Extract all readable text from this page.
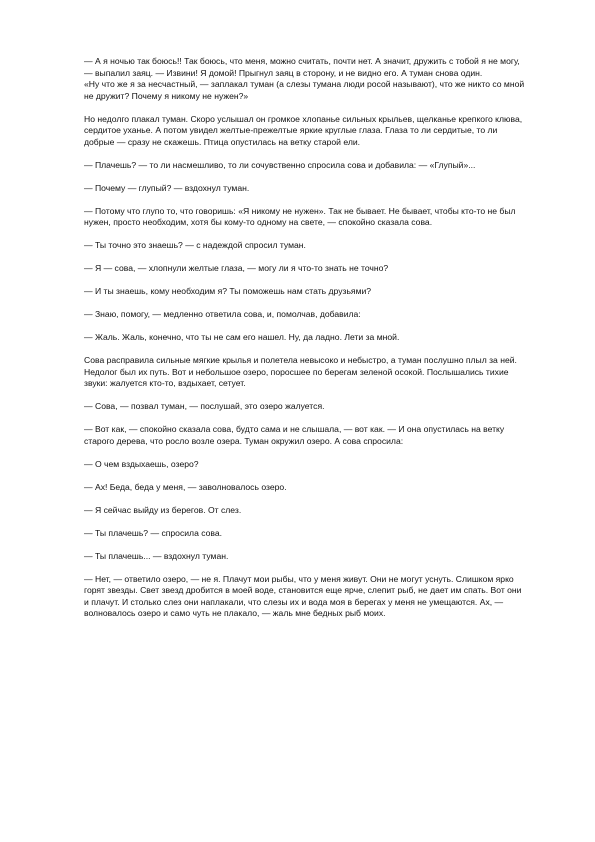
— А я ночью так боюсь!! Так боюсь, что меня, можно считать, почти нет. А значит, дружить с тобой я не могу, — выпалил заяц. — Извини! Я домой! Прыгнул заяц в сторону, и не видно его. А туман снова один.

«Ну что же я за несчастный, — заплакал туман (а слезы тумана люди росой называют), что же никто со мной не дружит? Почему я никому не нужен?»

Но недолго плакал туман. Скоро услышал он громкое хлопанье сильных крыльев, щелканье крепкого клюва, сердитое уханье. А потом увидел желтые-прежелтые яркие круглые глаза. Глаза то ли сердитые, то ли добрые — сразу не скажешь. Птица опустилась на ветку старой ели.

— Плачешь? — то ли насмешливо, то ли сочувственно спросила сова и добавила: — «Глупый»...

— Почему — глупый? — вздохнул туман.

— Потому что глупо то, что говоришь: «Я никому не нужен». Так не бывает. Не бывает, чтобы кто-то не был нужен, просто необходим, хотя бы кому-то одному на свете, — спокойно сказала сова.

— Ты точно это знаешь? — с надеждой спросил туман.

— Я — сова, — хлопнули желтые глаза, — могу ли я что-то знать не точно?

— И ты знаешь, кому необходим я? Ты поможешь нам стать друзьями?

— Знаю, помогу, — медленно ответила сова, и, помолчав, добавила:

— Жаль. Жаль, конечно, что ты не сам его нашел. Ну, да ладно. Лети за мной.

Сова расправила сильные мягкие крылья и полетела невысоко и небыстро, а туман послушно плыл за ней. Недолог был их путь. Вот и небольшое озеро, поросшее по берегам зеленой осокой. Послышались тихие звуки: жалуется кто-то, вздыхает, сетует.

— Сова, — позвал туман, — послушай, это озеро жалуется.

— Вот как, — спокойно сказала сова, будто сама и не слышала, — вот как. — И она опустилась на ветку старого дерева, что росло возле озера. Туман окружил озеро. А сова спросила:

— О чем вздыхаешь, озеро?

— Ах! Беда, беда у меня, — заволновалось озеро.

— Я сейчас выйду из берегов. От слез.

— Ты плачешь? — спросила сова.

— Ты плачешь... — вздохнул туман.

— Нет, — ответило озеро, — не я. Плачут мои рыбы, что у меня живут. Они не могут уснуть. Слишком ярко горят звезды. Свет звезд дробится в моей воде, становится еще ярче, слепит рыб, не дает им спать. Вот они и плачут. И столько слез они наплакали, что слезы их и вода моя в берегах у меня не умещаются. Ах, — волновалось озеро и само чуть не плакало, — жаль мне бедных рыб моих.
